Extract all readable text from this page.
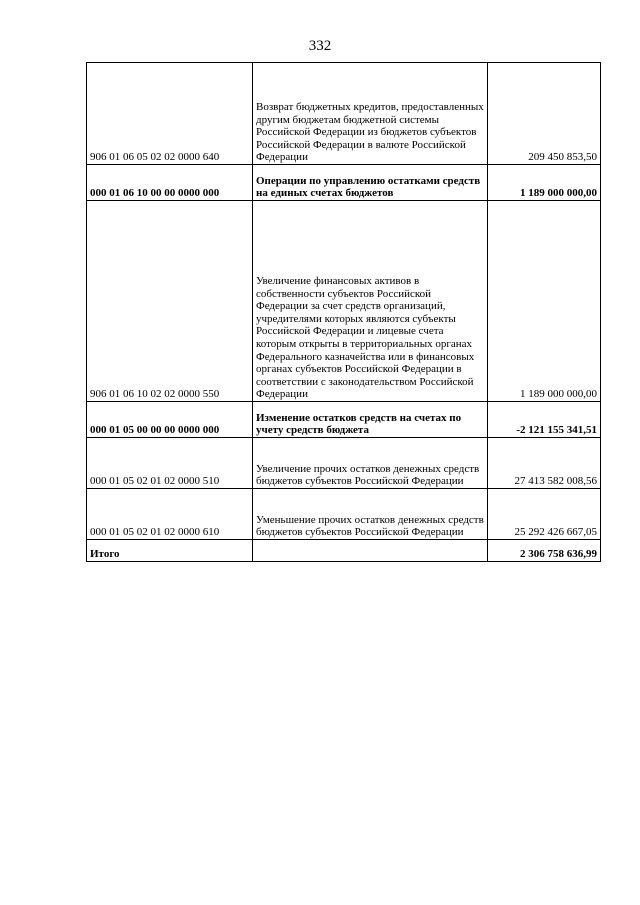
332
906 01 06 05 02 02 0000 640	Возврат бюджетных кредитов, предоставленных другим бюджетам бюджетной системы Российской Федерации из бюджетов субъектов Российской Федерации в валюте Российской Федерации	209 450 853,50
000 01 06 10 00 00 0000 000	Операции по управлению остатками средств на единых счетах бюджетов	1 189 000 000,00
906 01 06 10 02 02 0000 550	Увеличение финансовых активов в собственности субъектов Российской Федерации за счет средств организаций, учредителями которых являются субъекты Российской Федерации и лицевые счета которым открыты в территориальных органах Федерального казначейства или в финансовых органах субъектов Российской Федерации в соответствии с законодательством Российской Федерации	1 189 000 000,00
000 01 05 00 00 00 0000 000	Изменение остатков средств на счетах по учету средств бюджета	-2 121 155 341,51
000 01 05 02 01 02 0000 510	Увеличение прочих остатков денежных средств бюджетов субъектов Российской Федерации	27 413 582 008,56
000 01 05 02 01 02 0000 610	Уменьшение прочих остатков денежных средств бюджетов субъектов Российской Федерации	25 292 426 667,05
Итого		2 306 758 636,99
